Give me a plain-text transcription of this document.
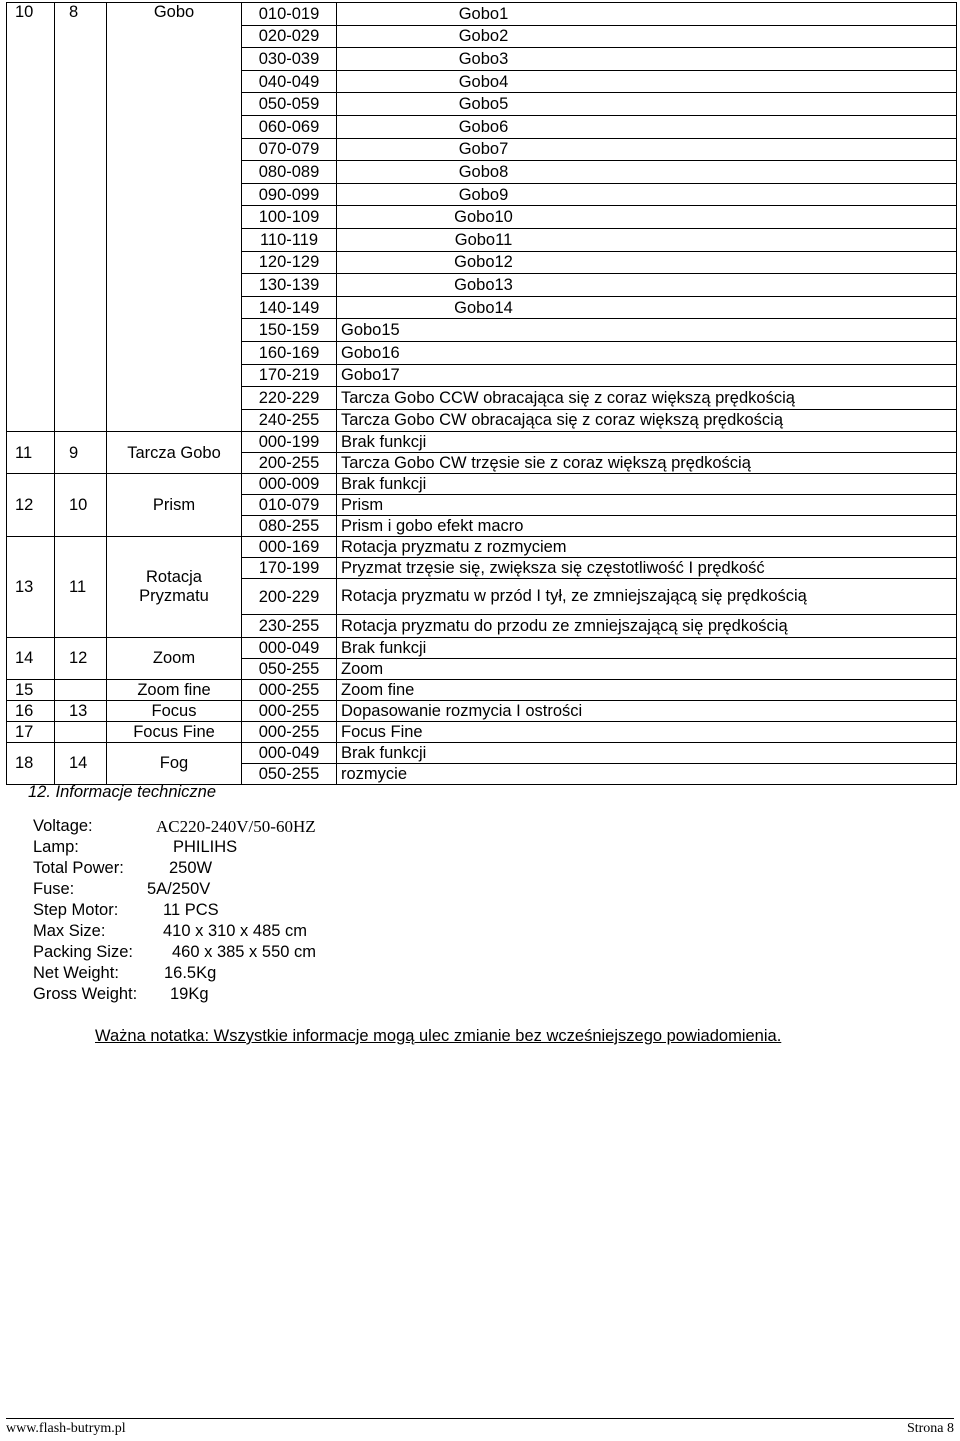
10	8	Gobo	010-019	Gobo1
			020-029	Gobo2
			030-039	Gobo3
			040-049	Gobo4
			050-059	Gobo5
			060-069	Gobo6
			070-079	Gobo7
			080-089	Gobo8
			090-099	Gobo9
			100-109	Gobo10
			110-119	Gobo11
			120-129	Gobo12
			130-139	Gobo13
			140-149	Gobo14
			150-159	Gobo15
			160-169	Gobo16
			170-219	Gobo17
			220-229	Tarcza Gobo CCW obracająca się z coraz większą prędkością
			240-255	Tarcza Gobo CW obracająca się z coraz większą prędkością
11	9	Tarcza Gobo	000-199	Brak funkcji
			200-255	Tarcza Gobo CW trzęsie sie z coraz większą prędkością
12	10	Prism	000-009	Brak funkcji
			010-079	Prism
			080-255	Prism i gobo efekt macro
13	11	Rotacja Pryzmatu	000-169	Rotacja pryzmatu z rozmyciem
			170-199	Pryzmat trzęsie się, zwiększa się częstotliwość I prędkość
			200-229	Rotacja pryzmatu w przód I tył, ze zmniejszającą się prędkością
			230-255	Rotacja pryzmatu do przodu ze zmniejszającą się prędkością
14	12	Zoom	000-049	Brak funkcji
			050-255	Zoom
15		Zoom fine	000-255	Zoom fine
16	13	Focus	000-255	Dopasowanie rozmycia I ostrości
17		Focus Fine	000-255	Focus Fine
18	14	Fog	000-049	Brak funkcji
			050-255	rozmycie
12. Informacje techniczne
Voltage:	AC220-240V/50-60HZ
Lamp:	PHILIHS
Total Power:	250W
Fuse:	5A/250V
Step Motor:	11 PCS
Max Size:	410 x 310 x 485 cm
Packing Size: 460 x 385 x 550 cm
Net Weight:	16.5Kg
Gross Weight: 19Kg
Ważna notatka: Wszystkie informacje mogą ulec zmianie bez wcześniejszego powiadomienia.
www.flash-butrym.pl	Strona 8
